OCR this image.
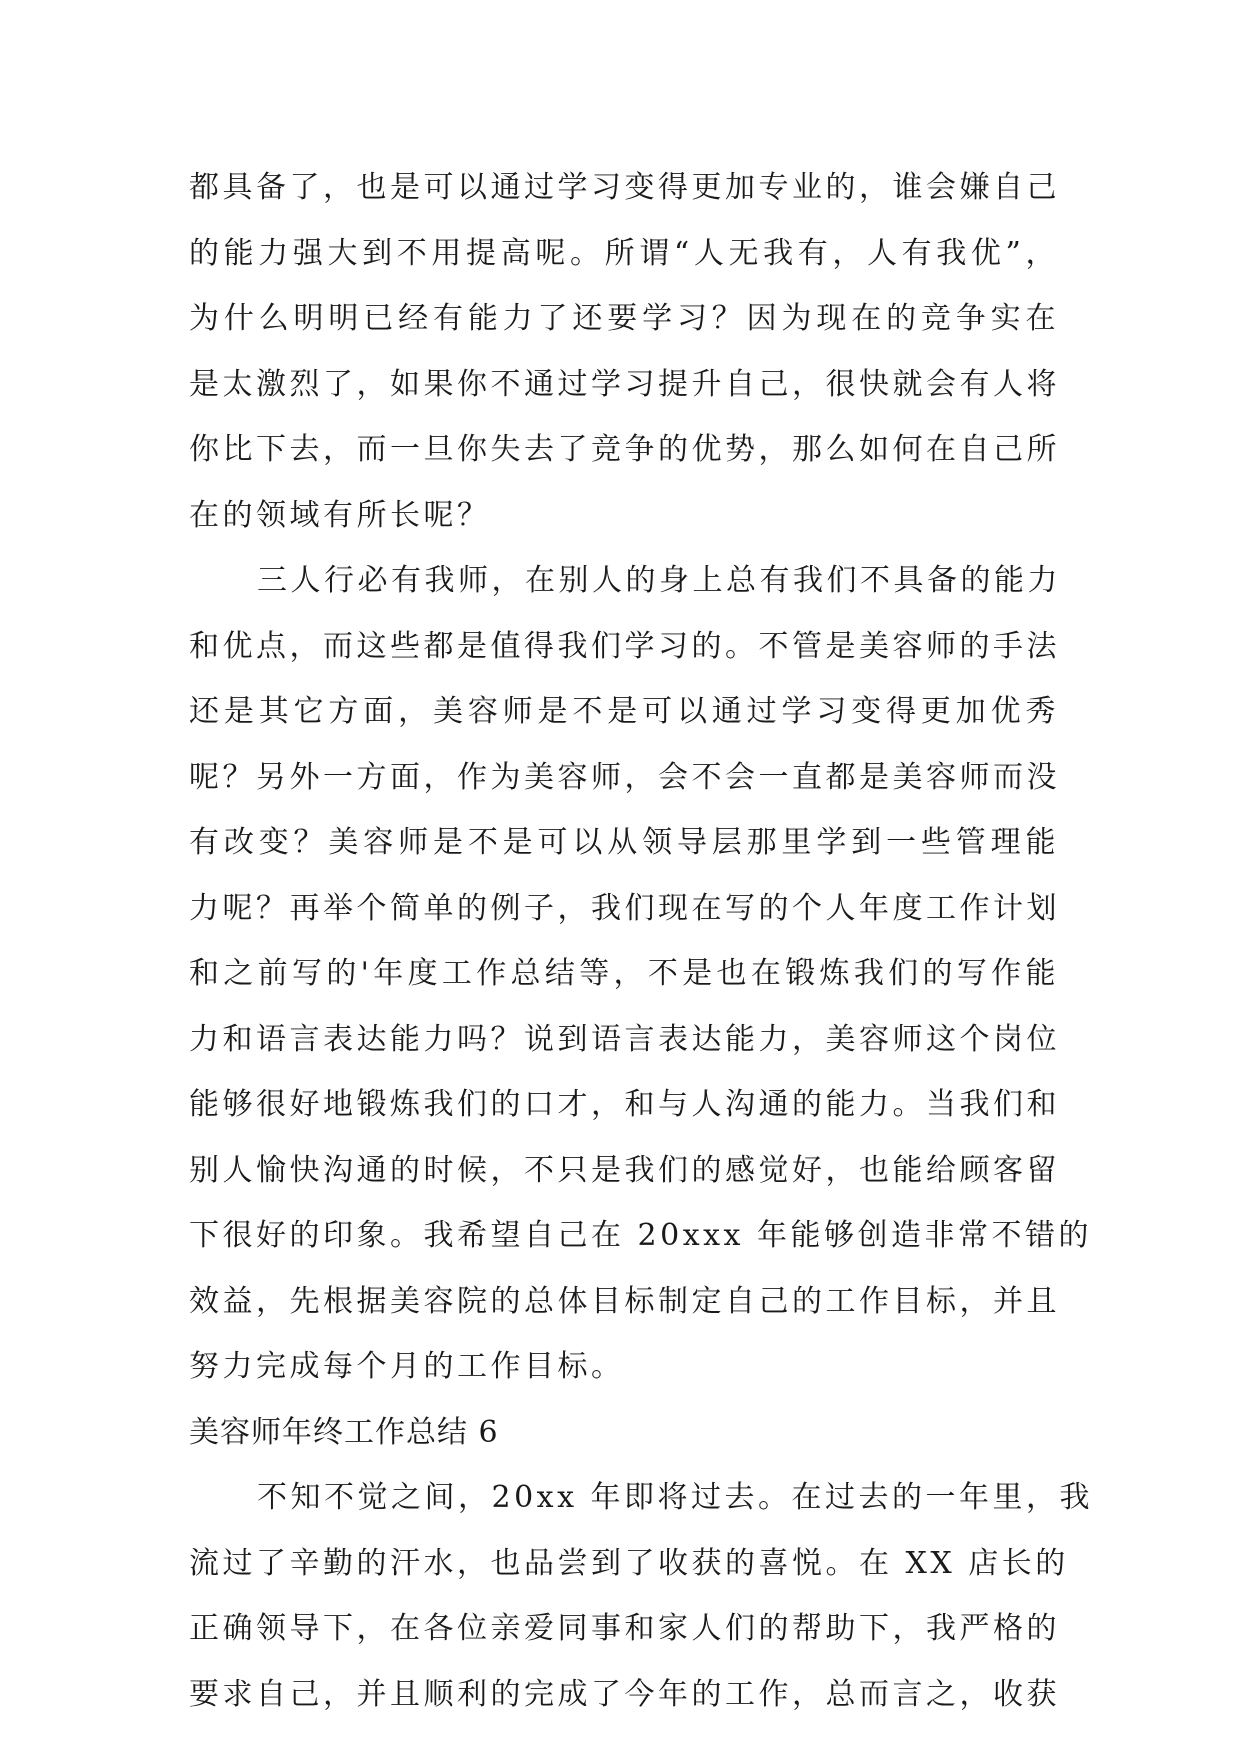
都具备了，也是可以通过学习变得更加专业的，谁会嫌自己
的能力强大到不用提高呢。所谓“人无我有，人有我优”，
为什么明明已经有能力了还要学习？因为现在的竞争实在
是太激烈了，如果你不通过学习提升自己，很快就会有人将
你比下去，而一旦你失去了竞争的优势，那么如何在自己所
在的领域有所长呢？
三人行必有我师，在别人的身上总有我们不具备的能力
和优点，而这些都是值得我们学习的。不管是美容师的手法
还是其它方面，美容师是不是可以通过学习变得更加优秀
呢？另外一方面，作为美容师，会不会一直都是美容师而没
有改变？美容师是不是可以从领导层那里学到一些管理能
力呢？再举个简单的例子，我们现在写的个人年度工作计划
和之前写的'年度工作总结等，不是也在锻炼我们的写作能
力和语言表达能力吗？说到语言表达能力，美容师这个岗位
能够很好地锻炼我们的口才，和与人沟通的能力。当我们和
别人愉快沟通的时候，不只是我们的感觉好，也能给顾客留
下很好的印象。我希望自己在 20xxx 年能够创造非常不错的
效益，先根据美容院的总体目标制定自己的工作目标，并且
努力完成每个月的工作目标。
美容师年终工作总结 6
不知不觉之间，20xx 年即将过去。在过去的一年里，我
流过了辛勤的汗水，也品尝到了收获的喜悦。在 XX 店长的
正确领导下，在各位亲爱同事和家人们的帮助下，我严格的
要求自己，并且顺利的完成了今年的工作，总而言之，收获
